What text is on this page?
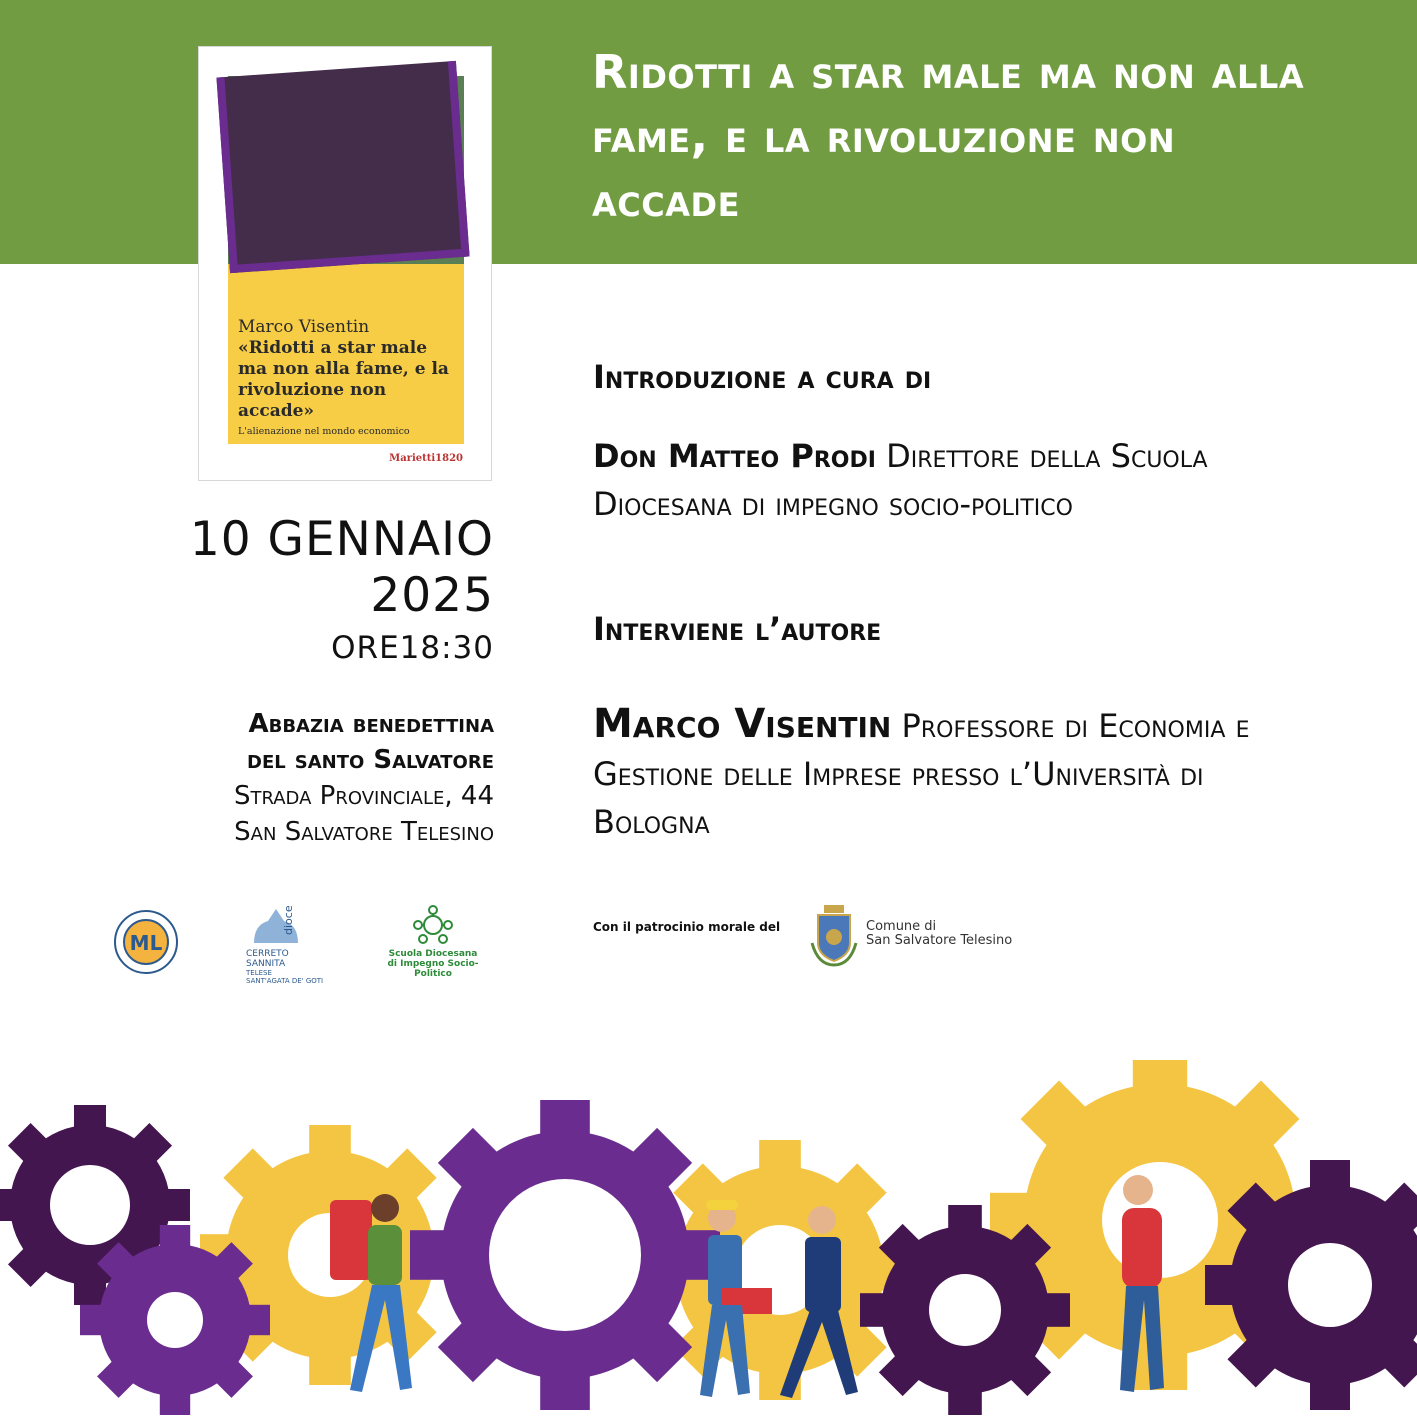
Ridotti a star male ma non alla fame, e la rivoluzione non accade
Marco Visentin
«Ridotti a star male ma non alla fame, e la rivoluzione non accade»
L'alienazione nel mondo economico
Marietti1820
10 GENNAIO
2025
ORE18:30
Abbazia benedettina
del santo Salvatore
Strada Provinciale, 44
San Salvatore Telesino
Introduzione a cura di
Don Matteo Prodi Direttore della Scuola Diocesana di impegno socio-politico
Interviene l’autore
Marco Visentin Professore di Economia e Gestione delle Imprese presso l’Università di Bologna
ML
diocesi
CERRETO SANNITA
TELESE
SANT'AGATA DE' GOTI
Scuola Diocesana
di Impegno Socio-Politico
Con il patrocinio morale del	Comune di
San Salvatore Telesino
